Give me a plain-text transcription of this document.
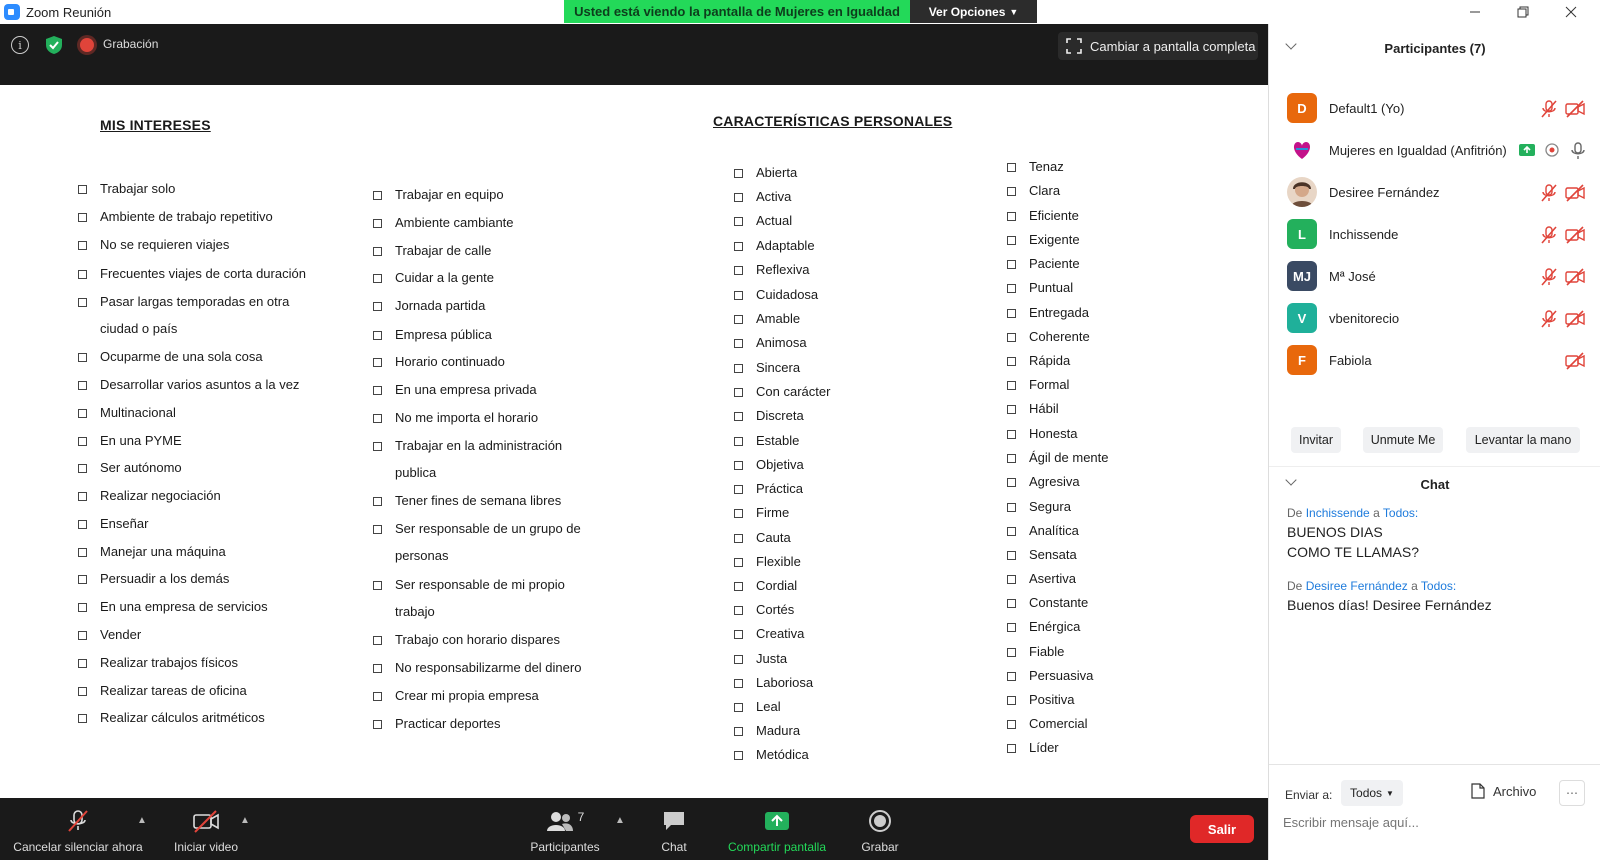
Zoom Reunión	Usted está viendo la pantalla de Mujeres en Igualdad	Ver Opciones ▼
i	Grabación	Cambiar a pantalla completa
MIS INTERESES	CARACTERÍSTICAS PERSONALES
Trabajar solo
Ambiente de trabajo repetitivo
No se requieren viajes
Frecuentes viajes de corta duración
Pasar largas temporadas en otra
ciudad o país
Ocuparme de una sola cosa
Desarrollar varios asuntos a la vez
Multinacional
En una PYME
Ser autónomo
Realizar negociación
Enseñar
Manejar una máquina
Persuadir a los demás
En una empresa de servicios
Vender
Realizar trabajos físicos
Realizar tareas de oficina
Realizar cálculos aritméticos
Trabajar en equipo
Ambiente cambiante
Trabajar de calle
Cuidar a la gente
Jornada partida
Empresa pública
Horario continuado
En una empresa privada
No me importa el horario
Trabajar en la administración
publica
Tener fines de semana libres
Ser responsable de un grupo de
personas
Ser responsable de mi propio
trabajo
Trabajo con horario dispares
No responsabilizarme del dinero
Crear mi propia empresa
Practicar deportes
Abierta
Activa
Actual
Adaptable
Reflexiva
Cuidadosa
Amable
Animosa
Sincera
Con carácter
Discreta
Estable
Objetiva
Práctica
Firme
Cauta
Flexible
Cordial
Cortés
Creativa
Justa
Laboriosa
Leal
Madura
Metódica
Tenaz
Clara
Eficiente
Exigente
Paciente
Puntual
Entregada
Coherente
Rápida
Formal
Hábil
Honesta
Ágil de mente
Agresiva
Segura
Analítica
Sensata
Asertiva
Constante
Enérgica
Fiable
Persuasiva
Positiva
Comercial
Líder
Cancelar silenciar ahora
▲
Iniciar video
▲	7
Participantes
▲
Chat	Compartir pantalla	Grabar
Salir
Participantes (7)
D	Default1 (Yo)
Mujeres en Igualdad (Anfitrión)
Desiree Fernández
L	Inchissende
MJ	Mª José
V	vbenitorecio
F	Fabiola
Invitar	Unmute Me	Levantar la mano
Chat
De Inchissende a Todos:
BUENOS DIAS
COMO TE LLAMAS?
De Desiree Fernández a Todos:
Buenos días! Desiree Fernández
Enviar a: Todos ▼	Archivo	⋯
Escribir mensaje aquí...
